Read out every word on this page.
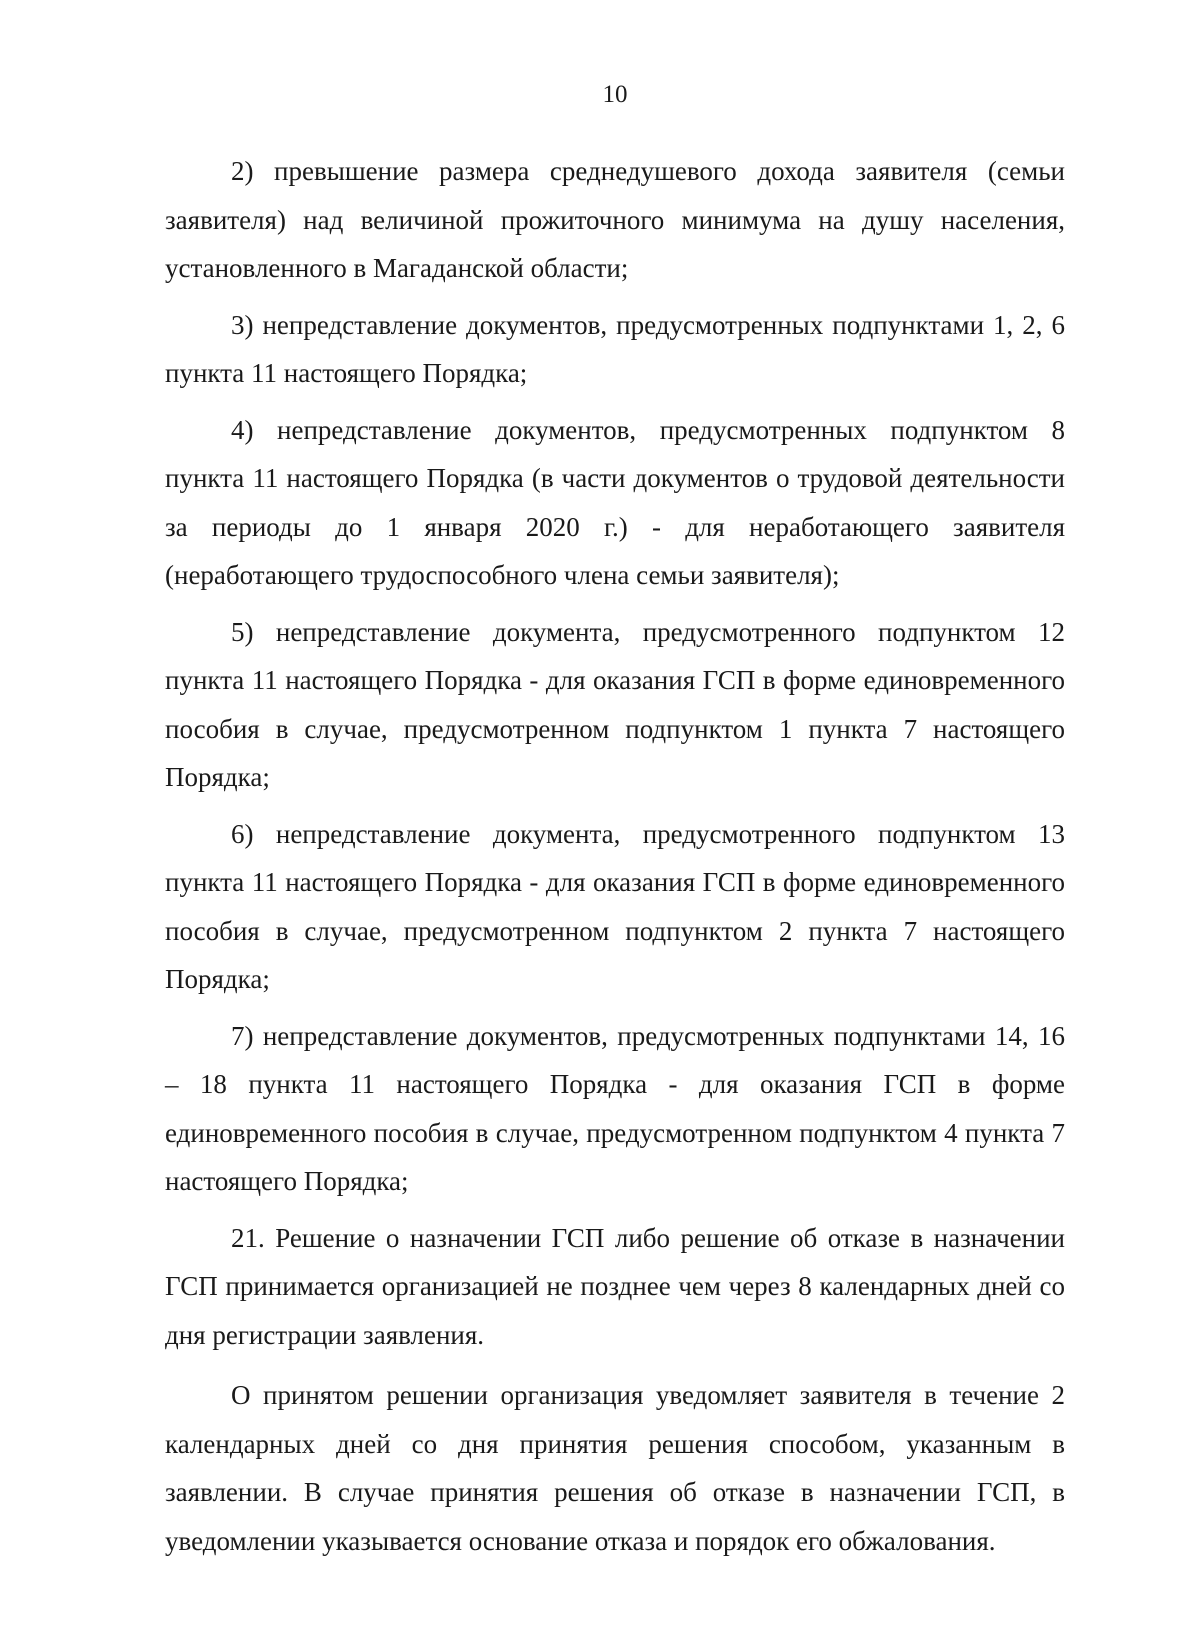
10

2) превышение размера среднедушевого дохода заявителя (семьи заявителя) над величиной прожиточного минимума на душу населения, установленного в Магаданской области;

3) непредставление документов, предусмотренных подпунктами 1, 2, 6 пункта 11 настоящего Порядка;

4) непредставление документов, предусмотренных подпунктом 8 пункта 11 настоящего Порядка (в части документов о трудовой деятельности за периоды до 1 января 2020 г.) - для неработающего заявителя (неработающего трудоспособного члена семьи заявителя);

5) непредставление документа, предусмотренного подпунктом 12 пункта 11 настоящего Порядка - для оказания ГСП в форме единовременного пособия в случае, предусмотренном подпунктом 1 пункта 7 настоящего Порядка;

6) непредставление документа, предусмотренного подпунктом 13 пункта 11 настоящего Порядка - для оказания ГСП в форме единовременного пособия в случае, предусмотренном подпунктом 2 пункта 7 настоящего Порядка;

7) непредставление документов, предусмотренных подпунктами 14, 16 – 18 пункта 11 настоящего Порядка - для оказания ГСП в форме единовременного пособия в случае, предусмотренном подпунктом 4 пункта 7 настоящего Порядка;

21. Решение о назначении ГСП либо решение об отказе в назначении ГСП принимается организацией не позднее чем через 8 календарных дней со дня регистрации заявления.

О принятом решении организация уведомляет заявителя в течение 2 календарных дней со дня принятия решения способом, указанным в заявлении. В случае принятия решения об отказе в назначении ГСП, в уведомлении указывается основание отказа и порядок его обжалования.
